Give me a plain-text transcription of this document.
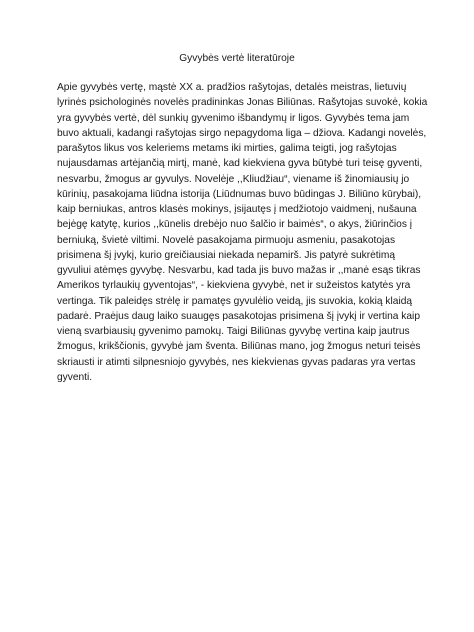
Gyvybės vertė literatūroje
Apie gyvybės vertę, mąstė XX a. pradžios rašytojas, detalės meistras, lietuvių
lyrinės psichologinės novelės pradininkas Jonas Biliūnas. Rašytojas suvokė, kokia
yra gyvybės vertė, dėl sunkių gyvenimo išbandymų ir ligos. Gyvybės tema jam
buvo aktuali, kadangi rašytojas sirgo nepagydoma liga – džiova. Kadangi novelės,
parašytos likus vos keleriems metams iki mirties, galima teigti, jog rašytojas
nujausdamas artėjančią mirtį, manė, kad kiekviena gyva būtybė turi teisę gyventi,
nesvarbu, žmogus ar gyvulys. Novelėje ,,Kliudžiau“, viename iš žinomiausių jo
kūrinių, pasakojama liūdna istorija (Liūdnumas buvo būdingas J. Biliūno kūrybai),
kaip berniukas, antros klasės mokinys, įsijautęs į medžiotojo vaidmenį, nušauna
bejėgę katytę, kurios ,,kūnelis drebėjo nuo šalčio ir baimės“, o akys, žiūrinčios į
berniuką, švietė viltimi. Novelė pasakojama pirmuoju asmeniu, pasakotojas
prisimena šį įvykį, kurio greičiausiai niekada nepamirš. Jis patyrė sukrėtimą
gyvuliui atėmęs gyvybę. Nesvarbu, kad tada jis buvo mažas ir ,,manė esąs tikras
Amerikos tyrlaukių gyventojas“, - kiekviena gyvybė, net ir sužeistos katytės yra
vertinga. Tik paleidęs strėlę ir pamatęs gyvulėlio veidą, jis suvokia, kokią klaidą
padarė. Praėjus daug laiko suaugęs pasakotojas prisimena šį įvykį ir vertina kaip
vieną svarbiausių gyvenimo pamokų. Taigi Biliūnas gyvybę vertina kaip jautrus
žmogus, krikščionis, gyvybė jam šventa. Biliūnas mano, jog žmogus neturi teisės
skriausti ir atimti silpnesniojo gyvybės, nes kiekvienas gyvas padaras yra vertas
gyventi.
